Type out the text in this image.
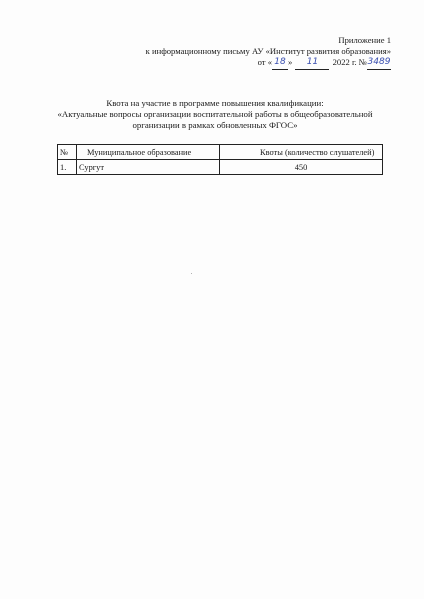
Приложение 1
к информационному письму АУ «Институт развития образования»
от « 18 » 11 2022 г. №3489
Квота на участие в программе повышения квалификации:
«Актуальные вопросы организации воспитательной работы в общеобразовательной
организации в рамках обновленных ФГОС»
№	Муниципальное образование	Квоты (количество слушателей)
1.	Сургут	450
